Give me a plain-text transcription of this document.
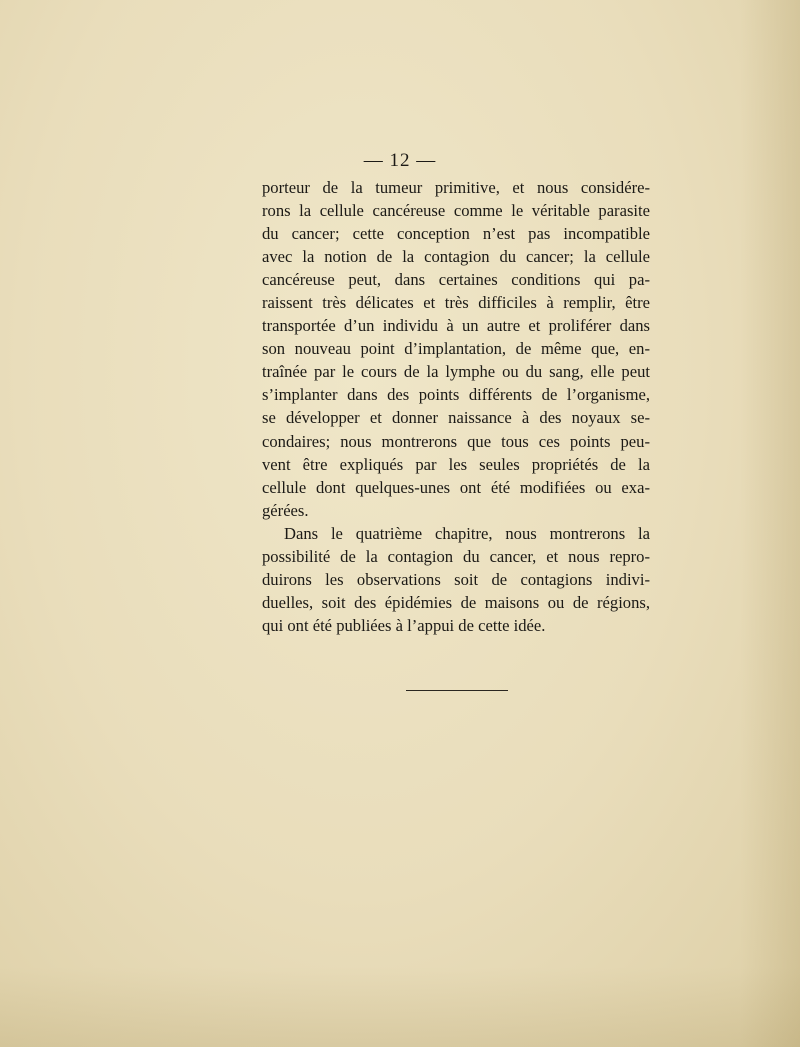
— 12 —
porteur de la tumeur primitive, et nous considére-
rons la cellule cancéreuse comme le véritable parasite
du cancer; cette conception n’est pas incompatible
avec la notion de la contagion du cancer; la cellule
cancéreuse peut, dans certaines conditions qui pa-
raissent très délicates et très difficiles à remplir, être
transportée d’un individu à un autre et proliférer dans
son nouveau point d’implantation, de même que, en-
traînée par le cours de la lymphe ou du sang, elle peut
s’implanter dans des points différents de l’organisme,
se développer et donner naissance à des noyaux se-
condaires; nous montrerons que tous ces points peu-
vent être expliqués par les seules propriétés de la
cellule dont quelques-unes ont été modifiées ou exa-
gérées.
Dans le quatrième chapitre, nous montrerons la
possibilité de la contagion du cancer, et nous repro-
duirons les observations soit de contagions indivi-
duelles, soit des épidémies de maisons ou de régions,
qui ont été publiées à l’appui de cette idée.
